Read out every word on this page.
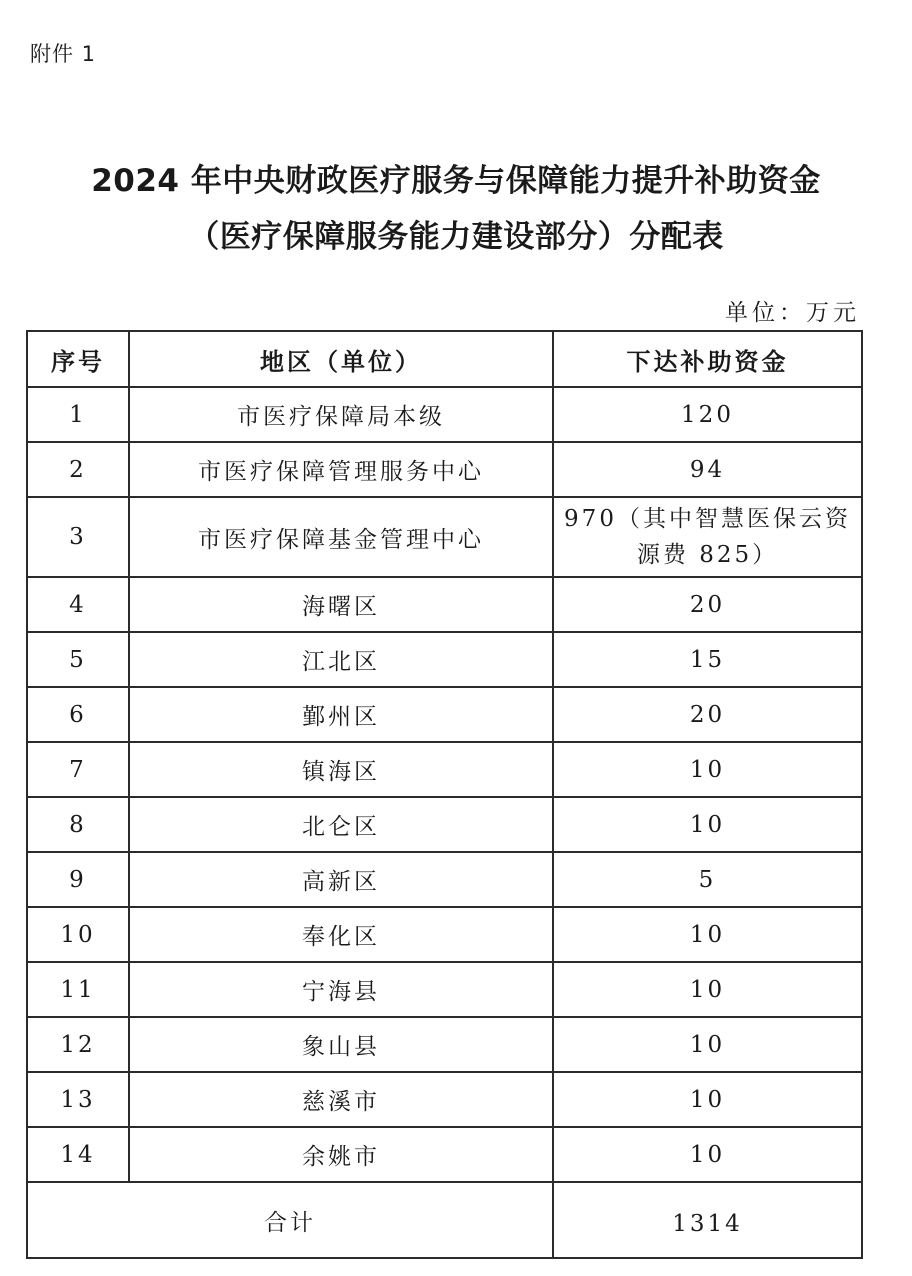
附件 1
2024 年中央财政医疗服务与保障能力提升补助资金
（医疗保障服务能力建设部分）分配表
单位：万元
序号	地区（单位）	下达补助资金
1	市医疗保障局本级	120
2	市医疗保障管理服务中心	94
3	市医疗保障基金管理中心	970（其中智慧医保云资源费 825）
4	海曙区	20
5	江北区	15
6	鄞州区	20
7	镇海区	10
8	北仑区	10
9	高新区	5
10	奉化区	10
11	宁海县	10
12	象山县	10
13	慈溪市	10
14	余姚市	10
合计		1314
